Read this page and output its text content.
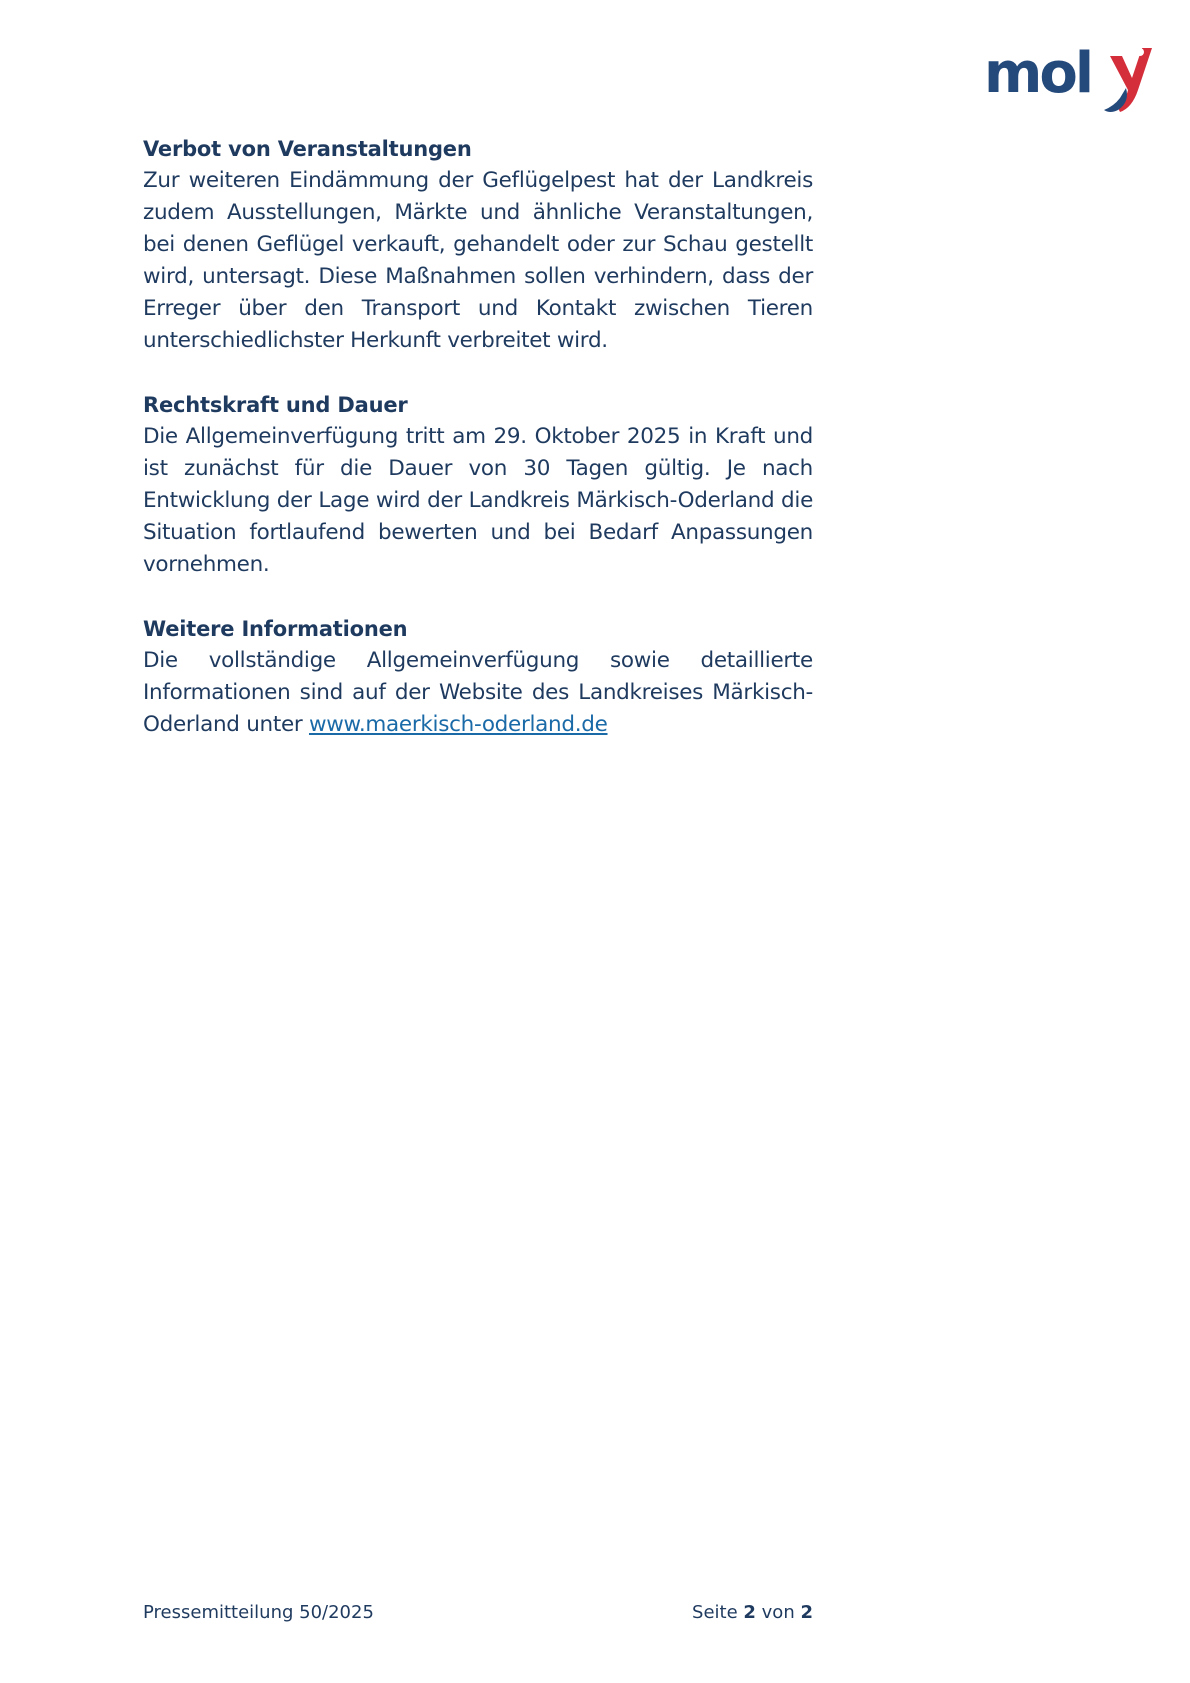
mol
Verbot von Veranstaltungen

Zur weiteren Eindämmung der Geflügelpest hat der Landkreis zudem Ausstellungen, Märkte und ähnliche Veranstaltungen, bei denen Geflügel verkauft, gehandelt oder zur Schau gestellt wird, untersagt. Diese Maßnahmen sollen verhindern, dass der Erreger über den Transport und Kontakt zwischen Tieren unterschiedlichster Herkunft verbreitet wird.

Rechtskraft und Dauer

Die Allgemeinverfügung tritt am 29. Oktober 2025 in Kraft und ist zunächst für die Dauer von 30 Tagen gültig. Je nach Entwicklung der Lage wird der Landkreis Märkisch-Oderland die Situation fortlaufend bewerten und bei Bedarf Anpassungen vornehmen.

Weitere Informationen

Die vollständige Allgemeinverfügung sowie detaillierte Informationen sind auf der Website des Landkreises Märkisch-Oderland unter www.maerkisch-oderland.de

Pressemitteilung 50/2025	Seite 2 von 2
